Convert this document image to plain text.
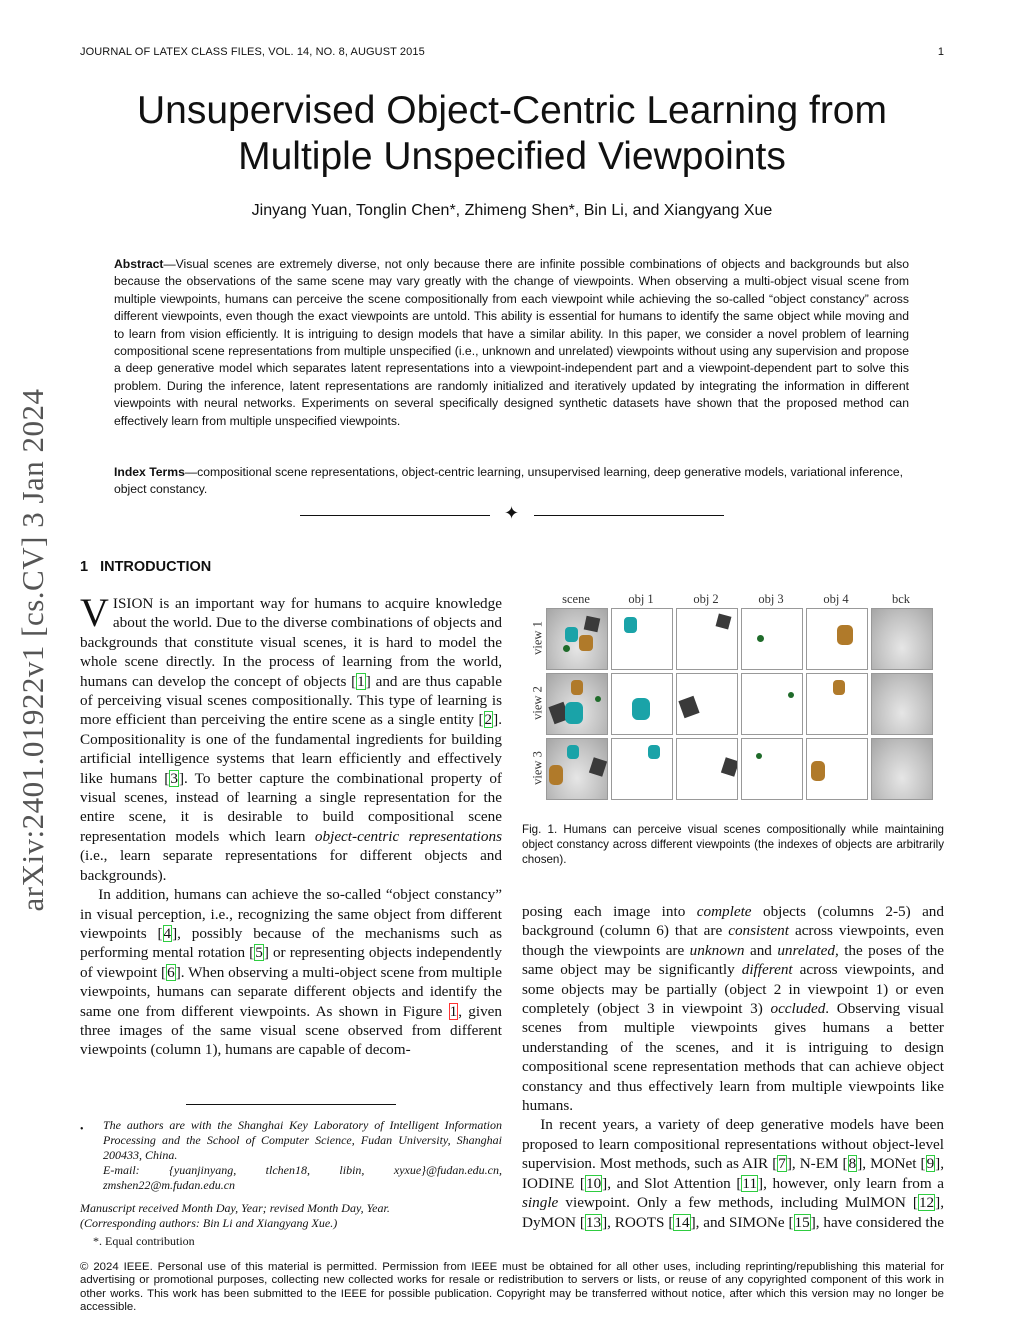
JOURNAL OF LATEX CLASS FILES, VOL. 14, NO. 8, AUGUST 2015	1
Unsupervised Object-Centric Learning from
Multiple Unspecified Viewpoints
Jinyang Yuan, Tonglin Chen*, Zhimeng Shen*, Bin Li, and Xiangyang Xue
Abstract—Visual scenes are extremely diverse, not only because there are infinite possible combinations of objects and backgrounds but also because the observations of the same scene may vary greatly with the change of viewpoints. When observing a multi-object visual scene from multiple viewpoints, humans can perceive the scene compositionally from each viewpoint while achieving the so-called “object constancy” across different viewpoints, even though the exact viewpoints are untold. This ability is essential for humans to identify the same object while moving and to learn from vision efficiently. It is intriguing to design models that have a similar ability. In this paper, we consider a novel problem of learning compositional scene representations from multiple unspecified (i.e., unknown and unrelated) viewpoints without using any supervision and propose a deep generative model which separates latent representations into a viewpoint-independent part and a viewpoint-dependent part to solve this problem. During the inference, latent representations are randomly initialized and iteratively updated by integrating the information in different viewpoints with neural networks. Experiments on several specifically designed synthetic datasets have shown that the proposed method can effectively learn from multiple unspecified viewpoints.
Index Terms—compositional scene representations, object-centric learning, unsupervised learning, deep generative models, variational inference, object constancy.
✦
arXiv:2401.01922v1 [cs.CV] 3 Jan 2024 1 INTRODUCTION

VISION is an important way for humans to acquire knowledge about the world. Due to the diverse combinations of objects and backgrounds that constitute visual scenes, it is hard to model the whole scene directly. In the process of learning from the world, humans can develop the concept of objects [1] and are thus capable of perceiving visual scenes compositionally. This type of learning is more efficient than perceiving the entire scene as a single entity [2]. Compositionality is one of the fundamental ingredients for building artificial intelligence systems that learn efficiently and effectively like humans [3]. To better capture the combinational property of visual scenes, instead of learning a single representation for the entire scene, it is desirable to build compositional scene representation models which learn object-centric representations (i.e., learn separate representations for different objects and backgrounds).

In addition, humans can achieve the so-called “object constancy” in visual perception, i.e., recognizing the same object from different viewpoints [4], possibly because of the mechanisms such as performing mental rotation [5] or representing objects independently of viewpoint [6]. When observing a multi-object scene from multiple viewpoints, humans can separate different objects and identify the same one from different viewpoints. As shown in Figure 1, given three images of the same visual scene observed from different viewpoints (column 1), humans are capable of decom-

scene	obj 1	obj 2	obj 3	obj 4	bck
view 1
view 2
view 3
Fig. 1. Humans can perceive visual scenes compositionally while maintaining object constancy across different viewpoints (the indexes of objects are arbitrarily chosen).

posing each image into complete objects (columns 2-5) and background (column 6) that are consistent across viewpoints, even though the viewpoints are unknown and unrelated, the poses of the same object may be significantly different across viewpoints, and some objects may be partially (object 2 in viewpoint 1) or even completely (object 3 in viewpoint 3) occluded. Observing visual scenes from multiple viewpoints gives humans a better understanding of the scenes, and it is intriguing to design compositional scene representation methods that can achieve object constancy and thus effectively learn from multiple viewpoints like humans.

In recent years, a variety of deep generative models have been proposed to learn compositional representations without object-level supervision. Most methods, such as AIR [7], N-EM [8], MONet [9], IODINE [10], and Slot Attention [11], however, only learn from a single viewpoint. Only a few methods, including MulMON [12], DyMON [13], ROOTS [14], and SIMONe [15], have considered the

• The authors are with the Shanghai Key Laboratory of Intelligent Information Processing and the School of Computer Science, Fudan University, Shanghai 200433, China.
E-mail: {yuanjinyang, tlchen18, libin, xyxue}@fudan.edu.cn, zmshen22@m.fudan.edu.cn
Manuscript received Month Day, Year; revised Month Day, Year.
(Corresponding authors: Bin Li and Xiangyang Xue.)
*. Equal contribution
© 2024 IEEE. Personal use of this material is permitted. Permission from IEEE must be obtained for all other uses, including reprinting/republishing this material for advertising or promotional purposes, collecting new collected works for resale or redistribution to servers or lists, or reuse of any copyrighted component of this work in other works. This work has been submitted to the IEEE for possible publication. Copyright may be transferred without notice, after which this version may no longer be accessible.
